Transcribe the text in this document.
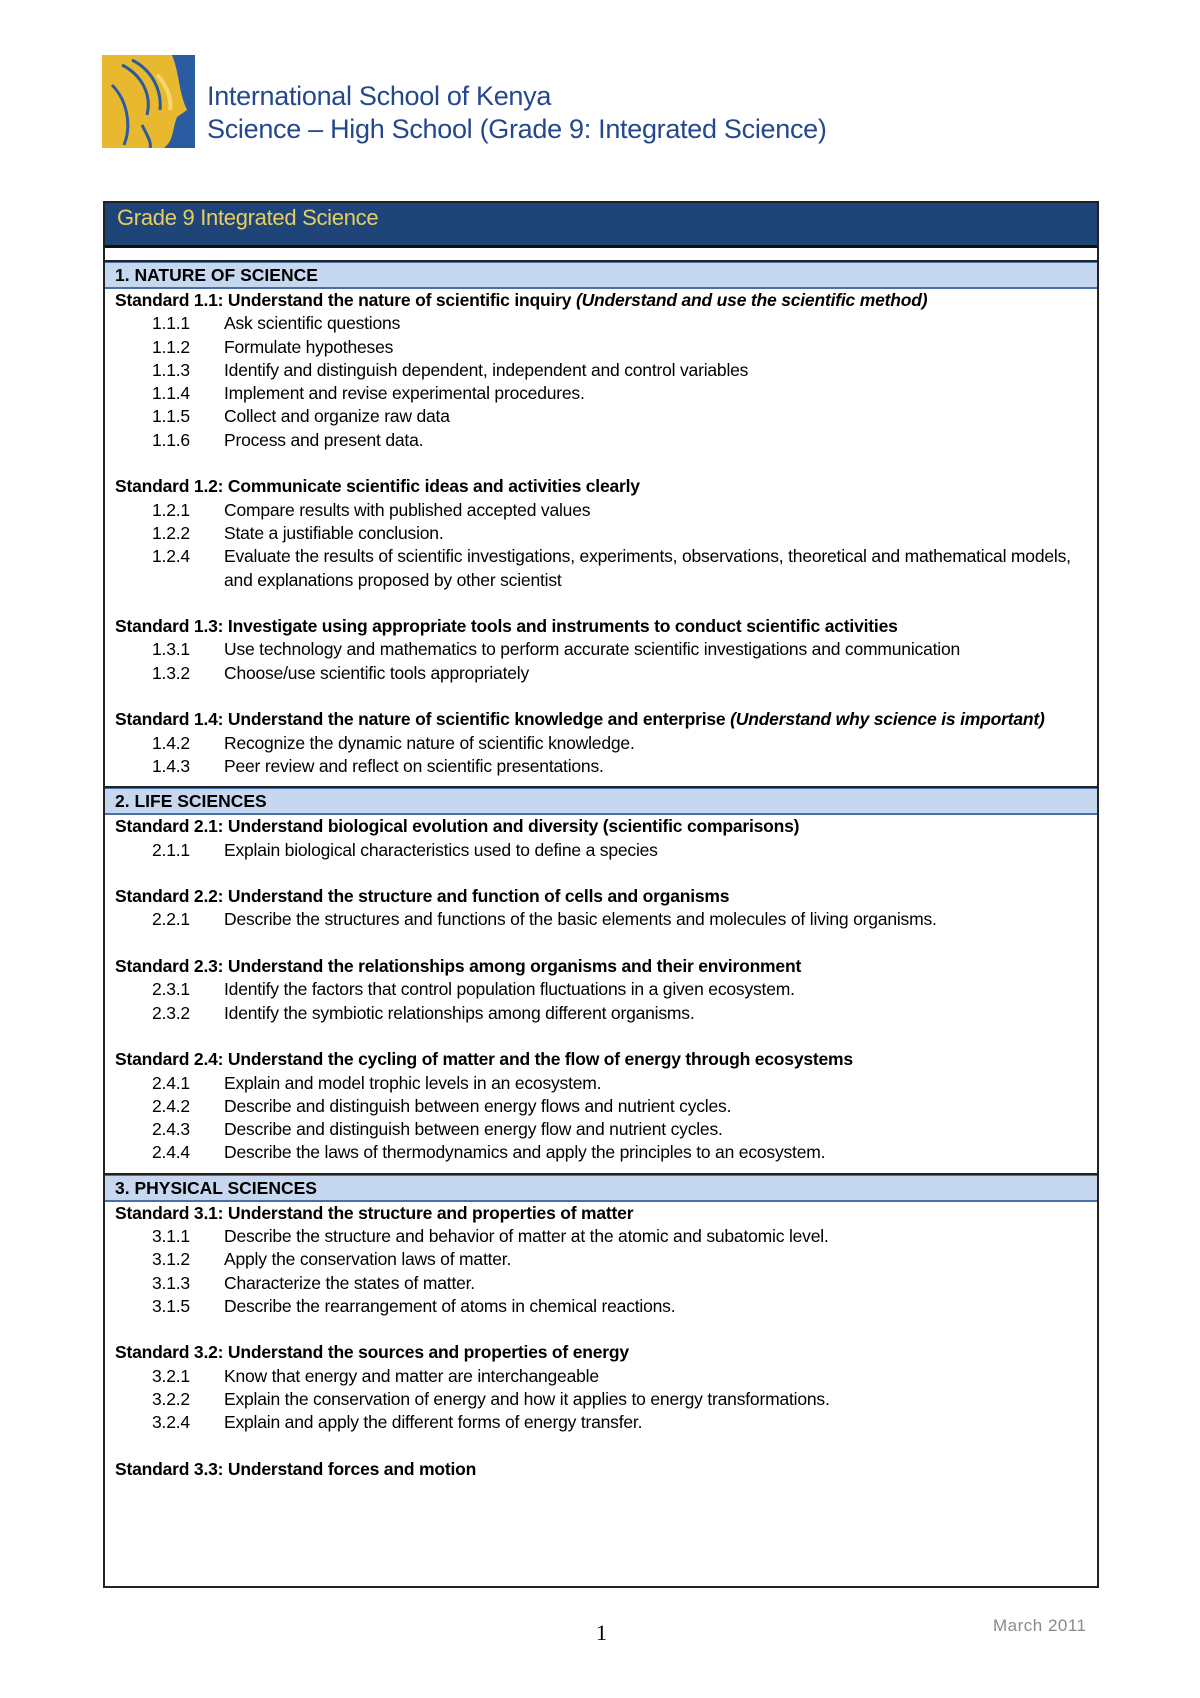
International School of Kenya
Science – High School (Grade 9: Integrated Science)
Grade 9 Integrated Science
1. NATURE OF SCIENCE
Standard 1.1: Understand the nature of scientific inquiry (Understand and use the scientific method)
1.1.1 Ask scientific questions
1.1.2 Formulate hypotheses
1.1.3 Identify and distinguish dependent, independent and control variables
1.1.4 Implement and revise experimental procedures.
1.1.5 Collect and organize raw data
1.1.6 Process and present data.
Standard 1.2: Communicate scientific ideas and activities clearly
1.2.1 Compare results with published accepted values
1.2.2 State a justifiable conclusion.
1.2.4 Evaluate the results of scientific investigations, experiments, observations, theoretical and mathematical models, and explanations proposed by other scientist
Standard 1.3: Investigate using appropriate tools and instruments to conduct scientific activities
1.3.1 Use technology and mathematics to perform accurate scientific investigations and communication
1.3.2 Choose/use scientific tools appropriately
Standard 1.4: Understand the nature of scientific knowledge and enterprise (Understand why science is important)
1.4.2 Recognize the dynamic nature of scientific knowledge.
1.4.3 Peer review and reflect on scientific presentations.
2. LIFE SCIENCES
Standard 2.1: Understand biological evolution and diversity (scientific comparisons)
2.1.1 Explain biological characteristics used to define a species
Standard 2.2: Understand the structure and function of cells and organisms
2.2.1 Describe the structures and functions of the basic elements and molecules of living organisms.
Standard 2.3: Understand the relationships among organisms and their environment
2.3.1 Identify the factors that control population fluctuations in a given ecosystem.
2.3.2 Identify the symbiotic relationships among different organisms.
Standard 2.4: Understand the cycling of matter and the flow of energy through ecosystems
2.4.1 Explain and model trophic levels in an ecosystem.
2.4.2 Describe and distinguish between energy flows and nutrient cycles.
2.4.3 Describe and distinguish between energy flow and nutrient cycles.
2.4.4 Describe the laws of thermodynamics and apply the principles to an ecosystem.
3. PHYSICAL SCIENCES
Standard 3.1: Understand the structure and properties of matter
3.1.1 Describe the structure and behavior of matter at the atomic and subatomic level.
3.1.2 Apply the conservation laws of matter.
3.1.3 Characterize the states of matter.
3.1.5 Describe the rearrangement of atoms in chemical reactions.
Standard 3.2: Understand the sources and properties of energy
3.2.1 Know that energy and matter are interchangeable
3.2.2 Explain the conservation of energy and how it applies to energy transformations.
3.2.4 Explain and apply the different forms of energy transfer.
Standard 3.3: Understand forces and motion
1	March 2011
